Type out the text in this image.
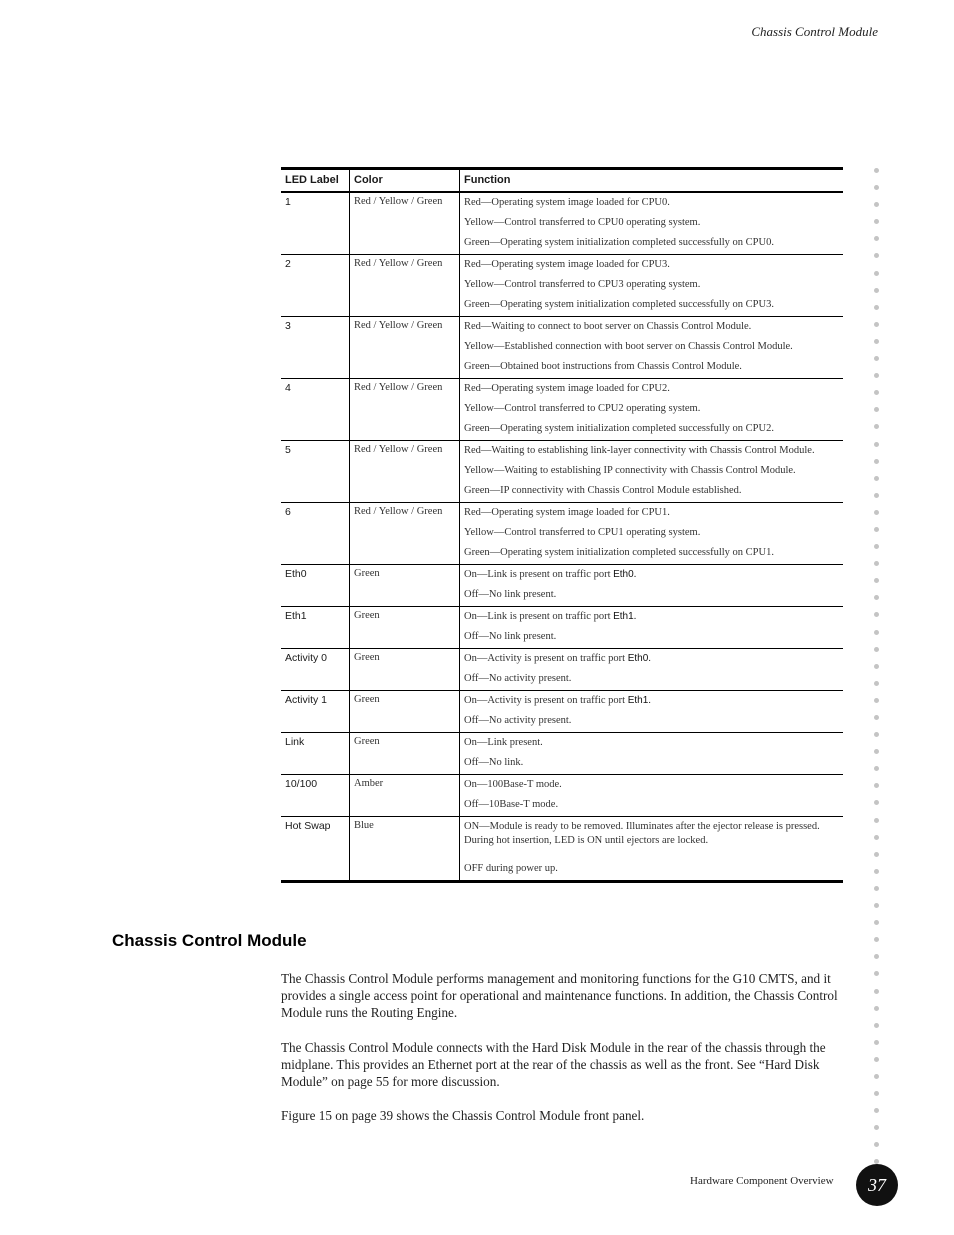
Chassis Control Module
LED Label	Color	Function
1	Red / Yellow / Green	Red—Operating system image loaded for CPU0.
Yellow—Control transferred to CPU0 operating system.
Green—Operating system initialization completed successfully on CPU0.

2	Red / Yellow / Green	Red—Operating system image loaded for CPU3.
Yellow—Control transferred to CPU3 operating system.
Green—Operating system initialization completed successfully on CPU3.

3	Red / Yellow / Green	Red—Waiting to connect to boot server on Chassis Control Module.
Yellow—Established connection with boot server on Chassis Control Module.
Green—Obtained boot instructions from Chassis Control Module.

4	Red / Yellow / Green	Red—Operating system image loaded for CPU2.
Yellow—Control transferred to CPU2 operating system.
Green—Operating system initialization completed successfully on CPU2.

5	Red / Yellow / Green	Red—Waiting to establishing link-layer connectivity with Chassis Control Module.
Yellow—Waiting to establishing IP connectivity with Chassis Control Module.
Green—IP connectivity with Chassis Control Module established.

6	Red / Yellow / Green	Red—Operating system image loaded for CPU1.
Yellow—Control transferred to CPU1 operating system.
Green—Operating system initialization completed successfully on CPU1.

Eth0	Green	On—Link is present on traffic port Eth0.
Off—No link present.

Eth1	Green	On—Link is present on traffic port Eth1.
Off—No link present.

Activity 0	Green	On—Activity is present on traffic port Eth0.
Off—No activity present.

Activity 1	Green	On—Activity is present on traffic port Eth1.
Off—No activity present.

Link	Green	On—Link present.
Off—No link.

10/100	Amber	On—100Base-T mode.
Off—10Base-T mode.

Hot Swap	Blue	ON—Module is ready to be removed. Illuminates after the ejector release is pressed. During hot insertion, LED is ON until ejectors are locked.
OFF during power up.
Chassis Control Module

The Chassis Control Module performs management and monitoring functions for the G10 CMTS, and it provides a single access point for operational and maintenance functions. In addition, the Chassis Control Module runs the Routing Engine.

The Chassis Control Module connects with the Hard Disk Module in the rear of the chassis through the midplane. This provides an Ethernet port at the rear of the chassis as well as the front. See “Hard Disk Module” on page 55 for more discussion.

Figure 15 on page 39 shows the Chassis Control Module front panel.

Hardware Component Overview	37
